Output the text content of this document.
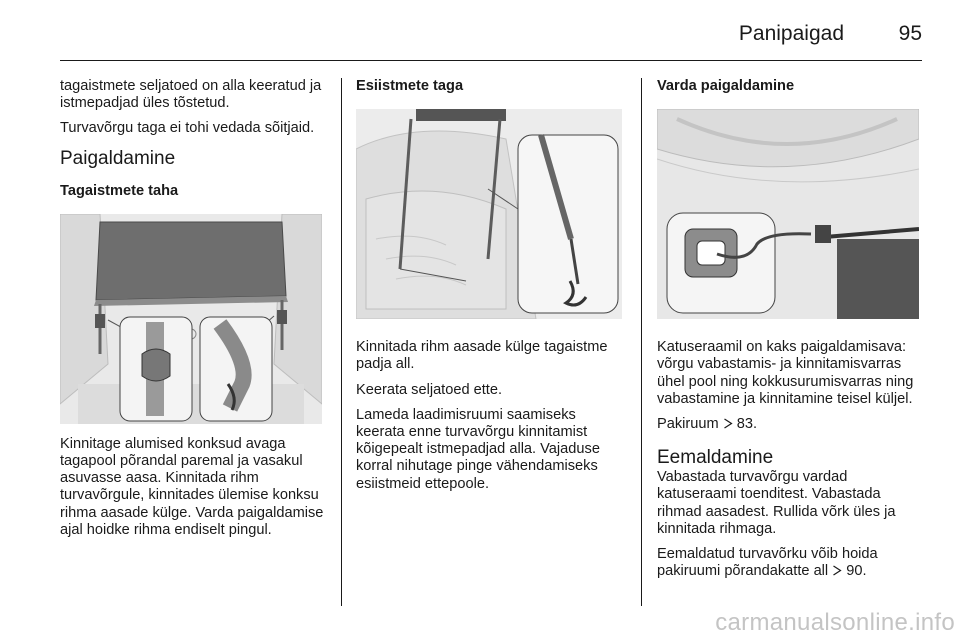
Panipaigad	95

tagaistmete seljatoed on alla keeratud ja istmepadjad üles tõstetud.

Turvavõrgu taga ei tohi vedada sõitjaid.

Paigaldamine
Tagaistmete taha

Kinnitage alumised konksud avaga tagapool põrandal paremal ja vasakul asuvasse aasa. Kinnitada rihm turvavõrgule, kinnitades ülemise konksu rihma aasade külge. Varda paigaldamise ajal hoidke rihma endiselt pingul.

Esiistmete taga

Kinnitada rihm aasade külge tagaistme padja all.

Keerata seljatoed ette.

Lameda laadimisruumi saamiseks keerata enne turvavõrgu kinnitamist kõigepealt istmepadjad alla. Vajaduse korral nihutage pinge vähendamiseks esiistmeid ettepoole.

Varda paigaldamine

Katuseraamil on kaks paigaldamisava: võrgu vabastamis- ja kinnitamisvarras ühel pool ning kokkusurumisvarras ning vabastamine ja kinnitamine teisel küljel.

Pakiruum 83.

Eemaldamine

Vabastada turvavõrgu vardad katuseraami toenditest. Vabastada rihmad aasadest. Rullida võrk üles ja kinnitada rihmaga.

Eemaldatud turvavõrku võib hoida pakiruumi põrandakatte all 90.

carmanualsonline.info
